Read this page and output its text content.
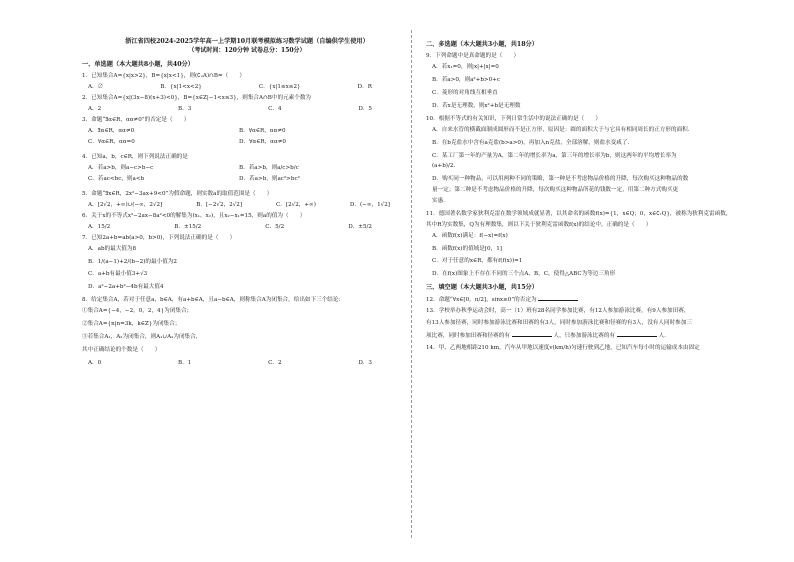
浙江省四校2024-2025学年高一上学期10月联考模拟练习数学试题（自编供学生使用）
（考试时间：120分钟 试卷总分：150分）
一、单选题（本大题共8小题，共40分）
1．已知集合A={x|x>2}，B={x|x<1}，则(∁ᵤA)∩B=（　　）
A．∅	B．{x|1<x<2}	C．{x|1≤x≤2}	D．R
2．已知集合A={x|(3x−8)(x+3)<0}，B={x∈Z|−1<x≤3}，则集合A∩B中的元素个数为
A．2	B．3	C．4	D．5
3．命题“∃α∈R，αα≠0”的否定是（　　）
A．∃α∈R，αα≠0	B．∀α∈R，αα≠0
C．∀α∈R，αα=0	D．∀α∈R，αα≠0
4．已知a，b，c∈R，则下列说法正确的是
A．若a>b，则a−c>b−c	B．若a>b，则a/c>b/c
C．若ac<bc，则a<b	D．若a>b，则ac²>bc²
5．命题“∃x∈R，2x²−3ax+9<0”为假命题，则实数a的取值范围是（　　）
A．[2√2，+∞)∪(−∞，2√2]	B．[−2√2，2√2]	C．[2√2，+∞)	D．(−∞，1√2]
6．关于x的不等式x²−2ax−8a²<0的解集为(x₁，x₂)，且x₂−x₁=15，则a的值为（　　）
A．15/2	B．±15/2	C．5/2	D．±5/2
7．已知2a+b=ab(a>0，b>0)，下列说法正确的是（　　）
A．ab的最大值为8
B．1/(a−1)+2/(b−2)的最小值为2
C．a+b有最小值3+√3
D．a²−2a+b²−4b有最大值4
8．给定集合A，若对于任意a，b∈A，有a+b∈A，且a−b∈A，则称集合A为闭集合，给出如下三个结论：
①集合A={−4，−2，0，2，4}为闭集合；
②集合A={n|n=3k，k∈Z}为闭集合；
③若集合A₁，A₂为闭集合，则A₁∪A₂为闭集合，
其中正确结论的个数是（　　）
A．0	B．1	C．2	D．3
二、多选题（本大题共3小题，共18分）
9．下列命题中是真命题的是（　　）
A．若x₁=0，则|x|+|x|=0
B．若a>0，则a²+b>0+c
C．菱形的对角线互相垂直
D．若x是无理数，则x²+b是无理数
10．根据不等式的有关知识，下列日常生活中的说法正确的是（　　）
A．自来水管的横截面制成圆形而不是正方形，原因是：圆的面积大于与它具有相同周长的正方形的面积．
B．在b克盐水中含有a克盐(b>a>0)，再加入n克盐，全部溶解，则盐水变咸了．
C．某工厂第一年的产量为A，第二年的增长率为a，第三年的增长率为b，则这两年的平均增长率为
(a+b)/2．
D．购买同一种物品，可以用两种不同的策略，第一种是不考虑物品价格的升降，每次购买这种物品的数
量一定；第二种是不考虑物品价格的升降，每次购买这种物品所花的钱数一定，用第二种方式购买更
实惠．
11．德国著名数学家狄利克雷在数学领域成就显著，以其命名的函数f(x)={1，x∈Q；0，x∈∁ᵣQ}，被称为狄利克雷函数，
其中R为实数集，Q为有理数集，则以下关于狄利克雷函数f(x)的结论中，正确的是（　　）
A．函数f(x)满足：f(−x)=f(x)
B．函数f(x)的值域是[0，1]
C．对于任意的x∈R，都有f(f(x))=1
D．在f(x)图象上不存在不同的三个点A，B，C，使得△ABC为等边三角形
三、填空题（本大题共3小题，共15分）
12．命题“∀x∈[0，π/2]，sinx≥0”的否定为
13．学校举办秋季运动会时，高一（1）班有28名同学参加比赛，有12人参加游泳比赛，有9人参加田赛，
有13人参加径赛，同时参加游泳比赛和田赛的有3人，同时参加游泳比赛和径赛的有3人，没有人同时参加三
项比赛，同时参加田赛和径赛的有	人，只参加游泳比赛的有	人．
14．甲、乙两地相距210 km，汽车从甲地以速度v(km/h)匀速行驶到乙地，已知汽车每小时的运输成本由固定
